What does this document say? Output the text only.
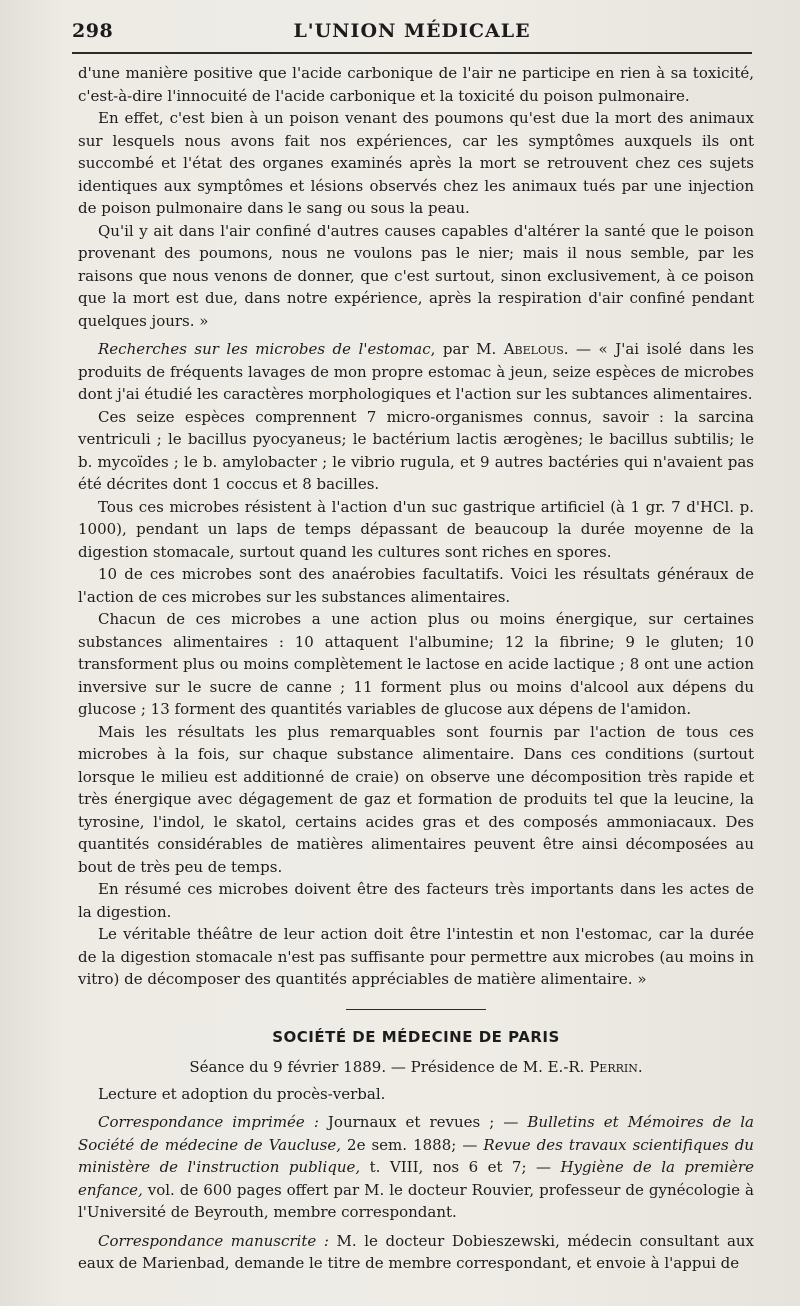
298	L'UNION MÉDICALE

d'une manière positive que l'acide carbonique de l'air ne participe en rien à sa toxicité, c'est-à-dire l'innocuité de l'acide carbonique et la toxicité du poison pulmonaire.

En effet, c'est bien à un poison venant des poumons qu'est due la mort des animaux sur lesquels nous avons fait nos expériences, car les symptômes auxquels ils ont succombé et l'état des organes examinés après la mort se retrouvent chez ces sujets identiques aux symptômes et lésions observés chez les animaux tués par une injection de poison pulmonaire dans le sang ou sous la peau.

Qu'il y ait dans l'air confiné d'autres causes capables d'altérer la santé que le poison provenant des poumons, nous ne voulons pas le nier; mais il nous semble, par les raisons que nous venons de donner, que c'est surtout, sinon exclusivement, à ce poison que la mort est due, dans notre expérience, après la respiration d'air confiné pendant quelques jours. »

Recherches sur les microbes de l'estomac, par M. Abelous. — « J'ai isolé dans les produits de fréquents lavages de mon propre estomac à jeun, seize espèces de microbes dont j'ai étudié les caractères morphologiques et l'action sur les subtances alimentaires.

Ces seize espèces comprennent 7 micro-organismes connus, savoir : la sarcina ventriculi ; le bacillus pyocyaneus; le bactérium lactis ærogènes; le bacillus subtilis; le b. mycoïdes ; le b. amylobacter ; le vibrio rugula, et 9 autres bactéries qui n'avaient pas été décrites dont 1 coccus et 8 bacilles.

Tous ces microbes résistent à l'action d'un suc gastrique artificiel (à 1 gr. 7 d'HCl. p. 1000), pendant un laps de temps dépassant de beaucoup la durée moyenne de la digestion stomacale, surtout quand les cultures sont riches en spores.

10 de ces microbes sont des anaérobies facultatifs. Voici les résultats généraux de l'action de ces microbes sur les substances alimentaires.

Chacun de ces microbes a une action plus ou moins énergique, sur certaines substances alimentaires : 10 attaquent l'albumine; 12 la fibrine; 9 le gluten; 10 transforment plus ou moins complètement le lactose en acide lactique ; 8 ont une action inversive sur le sucre de canne ; 11 forment plus ou moins d'alcool aux dépens du glucose ; 13 forment des quantités variables de glucose aux dépens de l'amidon.

Mais les résultats les plus remarquables sont fournis par l'action de tous ces microbes à la fois, sur chaque substance alimentaire. Dans ces conditions (surtout lorsque le milieu est additionné de craie) on observe une décomposition très rapide et très énergique avec dégagement de gaz et formation de produits tel que la leucine, la tyrosine, l'indol, le skatol, certains acides gras et des composés ammoniacaux. Des quantités considérables de matières alimentaires peuvent être ainsi décomposées au bout de très peu de temps.

En résumé ces microbes doivent être des facteurs très importants dans les actes de la digestion.

Le véritable théâtre de leur action doit être l'intestin et non l'estomac, car la durée de la digestion stomacale n'est pas suffisante pour permettre aux microbes (au moins in vitro) de décomposer des quantités appréciables de matière alimentaire. »

SOCIÉTÉ DE MÉDECINE DE PARIS

Séance du 9 février 1889. — Présidence de M. E.-R. Perrin.

Lecture et adoption du procès-verbal.

Correspondance imprimée : Journaux et revues ; — Bulletins et Mémoires de la Société de médecine de Vaucluse, 2e sem. 1888; — Revue des travaux scientifiques du ministère de l'instruction publique, t. VIII, nos 6 et 7; — Hygiène de la première enfance, vol. de 600 pages offert par M. le docteur Rouvier, professeur de gynécologie à l'Université de Beyrouth, membre correspondant.

Correspondance manuscrite : M. le docteur Dobieszewski, médecin consultant aux eaux de Marienbad, demande le titre de membre correspondant, et envoie à l'appui de
